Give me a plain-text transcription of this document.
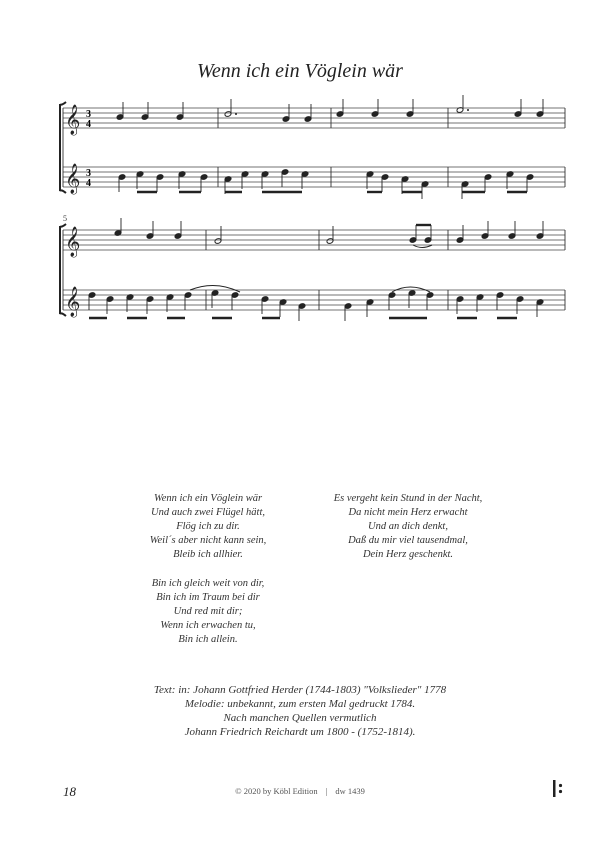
Wenn ich ein Vöglein wär
𝄞 3
4
𝄞 3
4
𝄞
𝄞
5
Wenn ich ein Vöglein wär
Und auch zwei Flügel hätt,
Flög ich zu dir.
Weil´s aber nicht kann sein,
Bleib ich allhier.
Bin ich gleich weit von dir,
Bin ich im Traum bei dir
Und red mit dir;
Wenn ich erwachen tu,
Bin ich allein.
Es vergeht kein Stund in der Nacht,
Da nicht mein Herz erwacht
Und an dich denkt,
Daß du mir viel tausendmal,
Dein Herz geschenkt.
Text: in: Johann Gottfried Herder (1744-1803) "Volkslieder" 1778
Melodie: unbekannt, zum ersten Mal gedruckt 1784.
Nach manchen Quellen vermutlich
Johann Friedrich Reichardt um 1800 - (1752-1814).
18	© 2020 by Köbl Edition | dw 1439
